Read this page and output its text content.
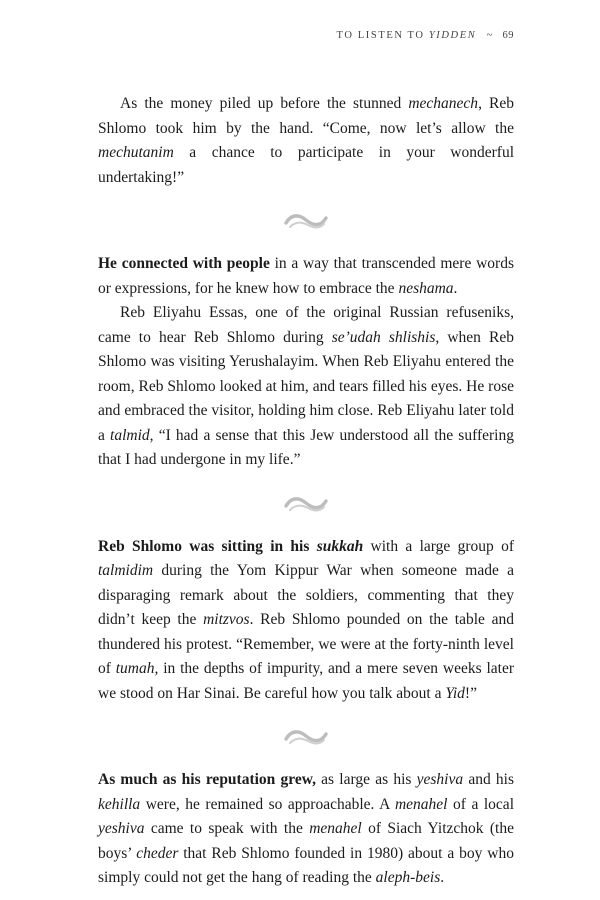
TO LISTEN TO YIDDEN ~ 69

As the money piled up before the stunned mechanech, Reb Shlomo took him by the hand. “Come, now let’s allow the mechutanim a chance to participate in your wonderful undertaking!”

He connected with people in a way that transcended mere words or expressions, for he knew how to embrace the neshama.

Reb Eliyahu Essas, one of the original Russian refuseniks, came to hear Reb Shlomo during se’udah shlishis, when Reb Shlomo was visiting Yerushalayim. When Reb Eliyahu entered the room, Reb Shlomo looked at him, and tears filled his eyes. He rose and embraced the visitor, holding him close. Reb Eliyahu later told a talmid, “I had a sense that this Jew understood all the suffering that I had undergone in my life.”

Reb Shlomo was sitting in his sukkah with a large group of talmidim during the Yom Kippur War when someone made a disparaging remark about the soldiers, commenting that they didn’t keep the mitzvos. Reb Shlomo pounded on the table and thundered his protest. “Remember, we were at the forty-ninth level of tumah, in the depths of impurity, and a mere seven weeks later we stood on Har Sinai. Be careful how you talk about a Yid!”

As much as his reputation grew, as large as his yeshiva and his kehilla were, he remained so approachable. A menahel of a local yeshiva came to speak with the menahel of Siach Yitzchok (the boys’ cheder that Reb Shlomo founded in 1980) about a boy who simply could not get the hang of reading the aleph-beis.
